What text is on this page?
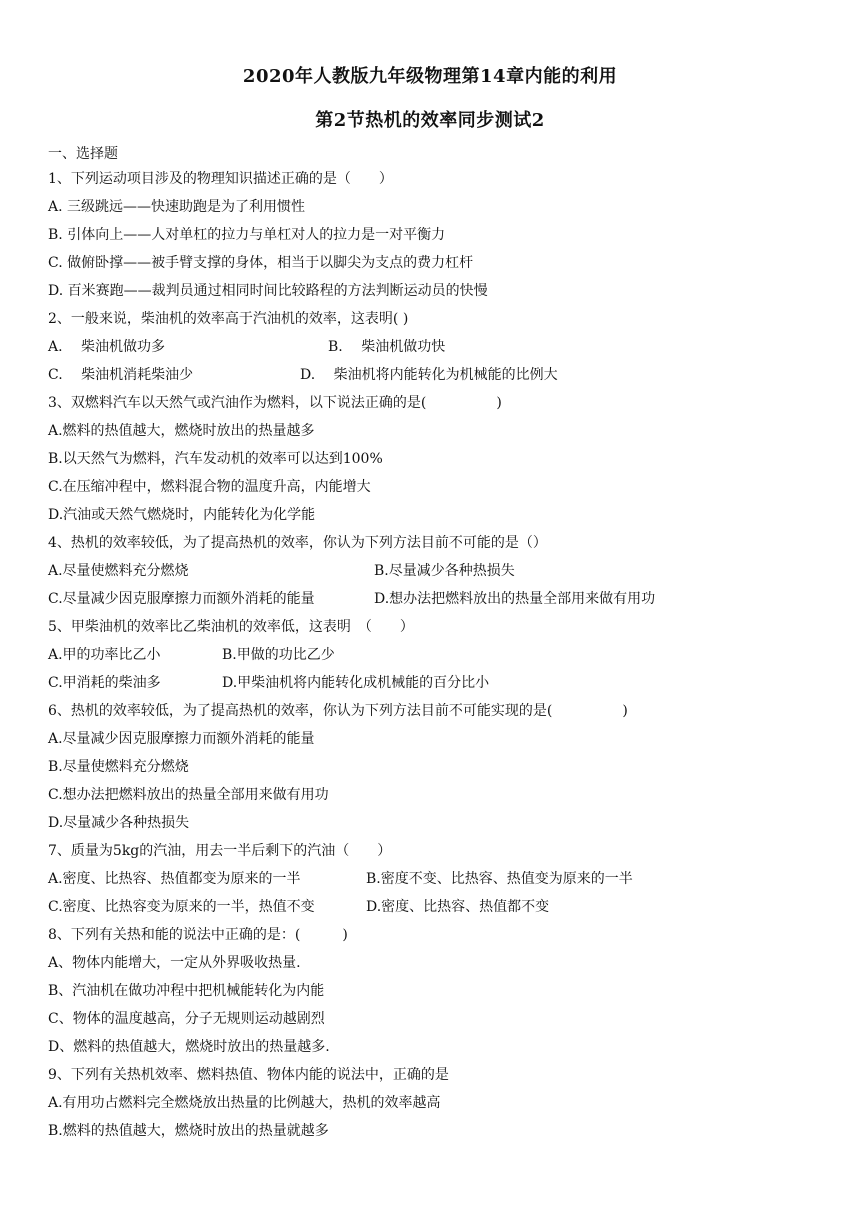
2020年人教版九年级物理第14章内能的利用
第2节热机的效率同步测试2
一、选择题
1、下列运动项目涉及的物理知识描述正确的是（　　）
A. 三级跳远——快速助跑是为了利用惯性
B. 引体向上——人对单杠的拉力与单杠对人的拉力是一对平衡力
C. 做俯卧撑——被手臂支撑的身体，相当于以脚尖为支点的费力杠杆
D. 百米赛跑——裁判员通过相同时间比较路程的方法判断运动员的快慢
2、一般来说，柴油机的效率高于汽油机的效率，这表明( )
A.　 柴油机做功多	B.　 柴油机做功快
C.　 柴油机消耗柴油少	D.　 柴油机将内能转化为机械能的比例大
3、双燃料汽车以天然气或汽油作为燃料，以下说法正确的是(　　　　　)
A.燃料的热值越大，燃烧时放出的热量越多
B.以天然气为燃料，汽车发动机的效率可以达到100%
C.在压缩冲程中，燃料混合物的温度升高，内能增大
D.汽油或天然气燃烧时，内能转化为化学能
4、热机的效率较低，为了提高热机的效率，你认为下列方法目前不可能的是（）
A.尽量使燃料充分燃烧	B.尽量减少各种热损失
C.尽量减少因克服摩擦力而额外消耗的能量	D.想办法把燃料放出的热量全部用来做有用功
5、甲柴油机的效率比乙柴油机的效率低，这表明　（　　）
A.甲的功率比乙小	B.甲做的功比乙少
C.甲消耗的柴油多	D.甲柴油机将内能转化成机械能的百分比小
6、热机的效率较低，为了提高热机的效率，你认为下列方法目前不可能实现的是(　　　　　)
A.尽量减少因克服摩擦力而额外消耗的能量
B.尽量使燃料充分燃烧
C.想办法把燃料放出的热量全部用来做有用功
D.尽量减少各种热损失
7、质量为5kg的汽油，用去一半后剩下的汽油（　　）
A.密度、比热容、热值都变为原来的一半	B.密度不变、比热容、热值变为原来的一半
C.密度、比热容变为原来的一半，热值不变	D.密度、比热容、热值都不变
8、下列有关热和能的说法中正确的是：(　　　)
A、物体内能增大，一定从外界吸收热量.
B、汽油机在做功冲程中把机械能转化为内能
C、物体的温度越高，分子无规则运动越剧烈
D、燃料的热值越大，燃烧时放出的热量越多.
9、下列有关热机效率、燃料热值、物体内能的说法中，正确的是
A.有用功占燃料完全燃烧放出热量的比例越大，热机的效率越高
B.燃料的热值越大，燃烧时放出的热量就越多
